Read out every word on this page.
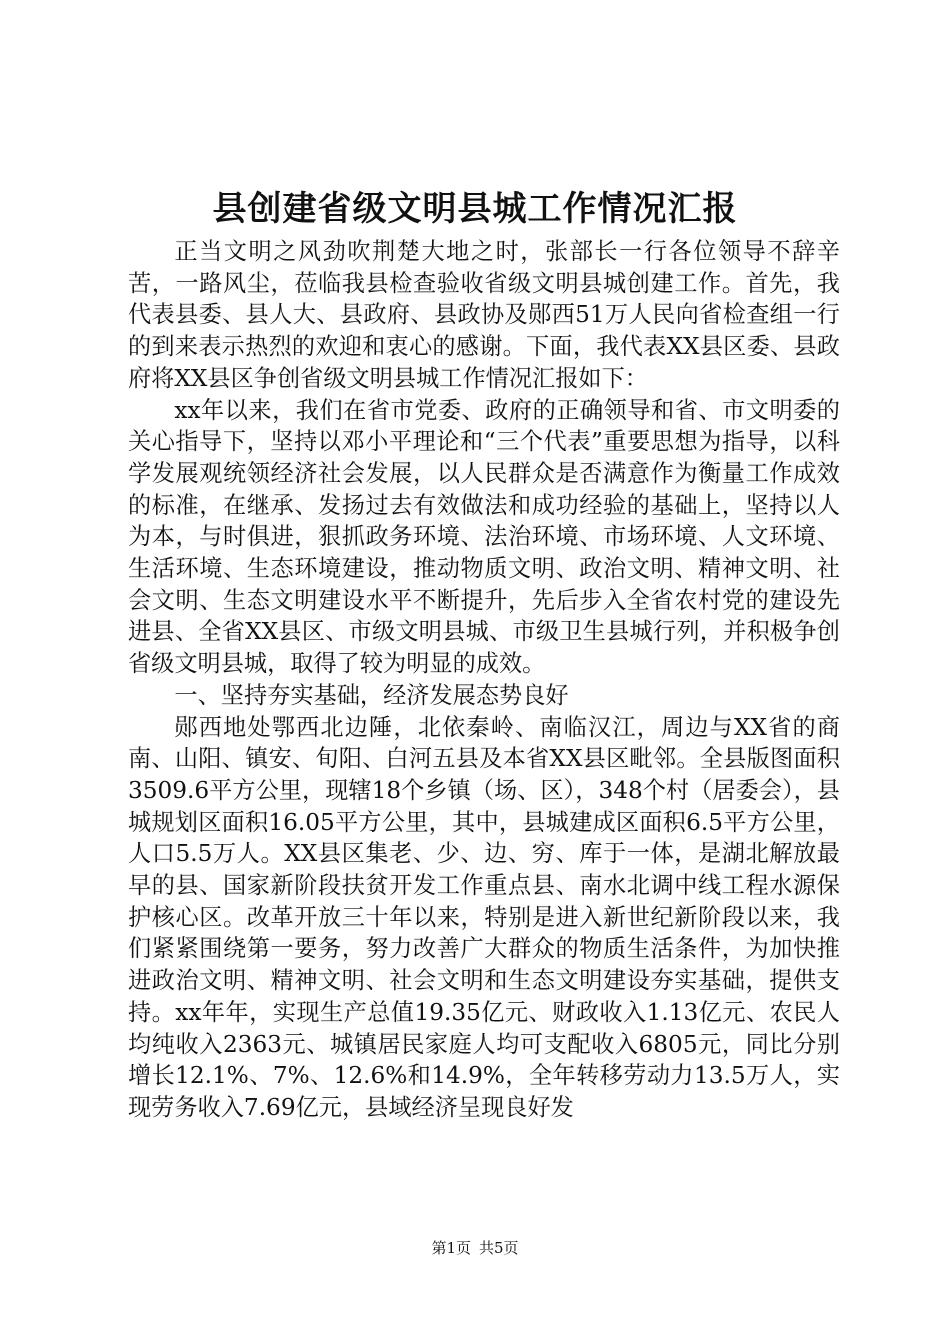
县创建省级文明县城工作情况汇报

正当文明之风劲吹荆楚大地之时，张部长一行各位领导不辞辛苦，一路风尘，莅临我县检查验收省级文明县城创建工作。首先，我代表县委、县人大、县政府、县政协及郧西51万人民向省检查组一行的到来表示热烈的欢迎和衷心的感谢。下面，我代表XX县区委、县政府将XX县区争创省级文明县城工作情况汇报如下：

xx年以来，我们在省市党委、政府的正确领导和省、市文明委的关心指导下，坚持以邓小平理论和“三个代表”重要思想为指导，以科学发展观统领经济社会发展，以人民群众是否满意作为衡量工作成效的标准，在继承、发扬过去有效做法和成功经验的基础上，坚持以人为本，与时俱进，狠抓政务环境、法治环境、市场环境、人文环境、生活环境、生态环境建设，推动物质文明、政治文明、精神文明、社会文明、生态文明建设水平不断提升，先后步入全省农村党的建设先进县、全省XX县区、市级文明县城、市级卫生县城行列，并积极争创省级文明县城，取得了较为明显的成效。

一、坚持夯实基础，经济发展态势良好

郧西地处鄂西北边陲，北依秦岭、南临汉江，周边与XX省的商南、山阳、镇安、旬阳、白河五县及本省XX县区毗邻。全县版图面积3509.6平方公里，现辖18个乡镇（场、区），348个村（居委会），县城规划区面积16.05平方公里，其中，县城建成区面积6.5平方公里，人口5.5万人。XX县区集老、少、边、穷、库于一体，是湖北解放最早的县、国家新阶段扶贫开发工作重点县、南水北调中线工程水源保护核心区。改革开放三十年以来，特别是进入新世纪新阶段以来，我们紧紧围绕第一要务，努力改善广大群众的物质生活条件，为加快推进政治文明、精神文明、社会文明和生态文明建设夯实基础，提供支持。xx年年，实现生产总值19.35亿元、财政收入1.13亿元、农民人均纯收入2363元、城镇居民家庭人均可支配收入6805元，同比分别增长12.1%、7%、12.6%和14.9%，全年转移劳动力13.5万人，实现劳务收入7.69亿元，县域经济呈现良好发

第1页 共5页
